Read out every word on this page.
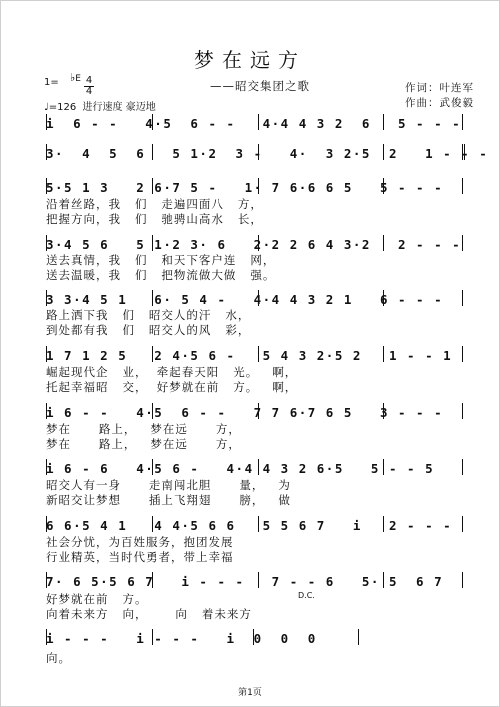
梦在远方
——昭交集团之歌	作词：叶连军
作曲：武俊毅
1= ♭E 4
4
♩=126  进行速度 豪迈地
i  6 - -   4·5  6 - -   4·4 4 3 2  6   5 - - -
3·  4  5  6   5 1·2  3 -   4·  3 2·5  2   1 - - -
5·5 1 3   2 6·7 5 -   1· 7 6·6 6 5   5 - - -
沿着丝路，我   们   走遍四面八   方，
把握方向，我   们   驰骋山高水   长，
3·4 5 6   5 1·2 3· 6   2·2 2 6 4 3·2   2 - - -
送去真情，我   们   和天下客户连   网，
送去温暖，我   们   把物流做大做   强。
3 3·4 5 1   6· 5 4 -   4·4 4 3 2 1   6 - - -
路上洒下我   们   昭交人的汗   水，
到处都有我   们   昭交人的风   彩，
1 7 1 2 5   2 4·5 6 -   5 4 3 2·5 2   1 - - 1
崛起现代企   业，  牵起春天阳   光。   啊，
托起幸福昭   交，  好梦就在前   方。   啊，
i 6 - -   4·5  6 - -   7 7 6·7 6 5   3 - - -
梦在      路上，   梦在远      方，
梦在      路上，   梦在远      方，
i 6 - 6   4·5 6 -   4·4 4 3 2 6·5   5 - - 5
昭交人有一身      走南闯北胆      量，   为
新昭交让梦想      插上飞翔翅      膀，   做
6 6·5 4 1   4 4·5 6 6   5 5 6 7   i   2 - - -
社会分忧，为百姓服务，抱团发展
行业精英，当时代勇者，带上幸福
7· 6 5·5 6 7   i - - -   7 - - 6   5· 5  6 7
D.C.
好梦就在前   方。
向着未来方   向，      向   着未来方
i - - -   i - - -   i  0  0  0
向。
第1页
